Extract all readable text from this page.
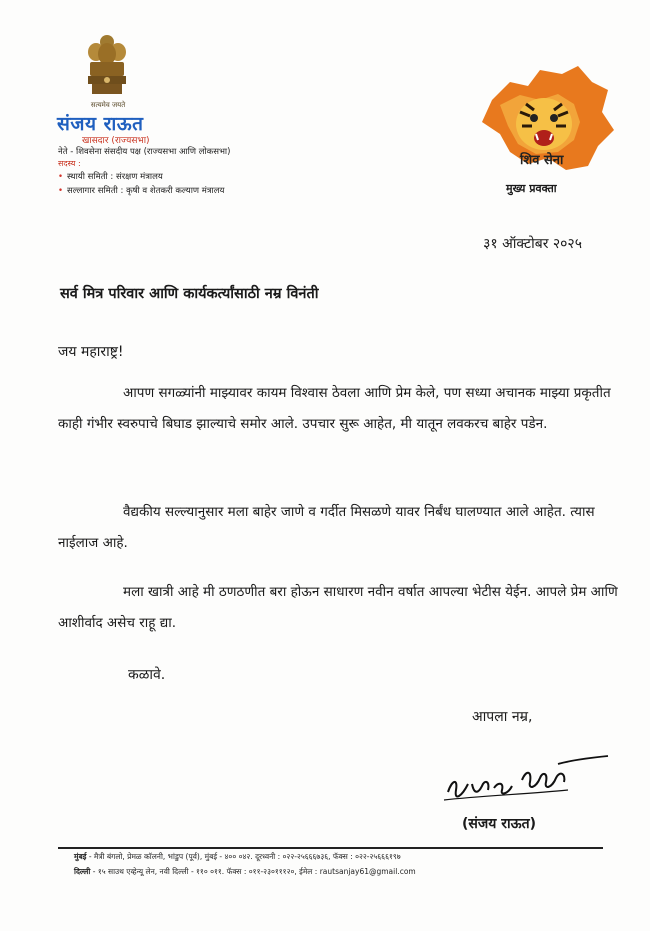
सत्यमेव जयते
संजय राऊत
खासदार (राज्यसभा)
नेते - शिवसेना संसदीय पक्ष (राज्यसभा आणि लोकसभा)
सदस्य :
• स्थायी समिती : संरक्षण मंत्रालय
• सल्लागार समिती : कृषी व शेतकरी कल्याण मंत्रालय
शिव सेना
मुख्य प्रवक्ता
३१ ऑक्टोबर २०२५
सर्व मित्र परिवार आणि कार्यकर्त्यांसाठी नम्र विनंती
जय महाराष्ट्र!

आपण सगळ्यांनी माझ्यावर कायम विश्वास ठेवला आणि प्रेम केले, पण सध्या अचानक माझ्या प्रकृतीत काही गंभीर स्वरुपाचे बिघाड झाल्याचे समोर आले. उपचार सुरू आहेत, मी यातून लवकरच बाहेर पडेन.

वैद्यकीय सल्ल्यानुसार मला बाहेर जाणे व गर्दीत मिसळणे यावर निर्बंध घालण्यात आले आहेत. त्यास नाईलाज आहे.

मला खात्री आहे मी ठणठणीत बरा होऊन साधारण नवीन वर्षात आपल्या भेटीस येईन. आपले प्रेम आणि आशीर्वाद असेच राहू द्या.

कळावे.
आपला नम्र,
(संजय राऊत)
मुंबई - मैत्री बंगलो, प्रेमळ कॉलनी, भांडुप (पूर्व), मुंबई - ४०० ०४२. दूरध्वनी : ०२२-२५६६६७३६, फॅक्स : ०२२-२५६६६१९७
दिल्ली - १५ साउथ एव्हेन्यू लेन, नवी दिल्ली - ११० ०११. फॅक्स : ०११-२३०१११२०, ईमेल : rautsanjay61@gmail.com
